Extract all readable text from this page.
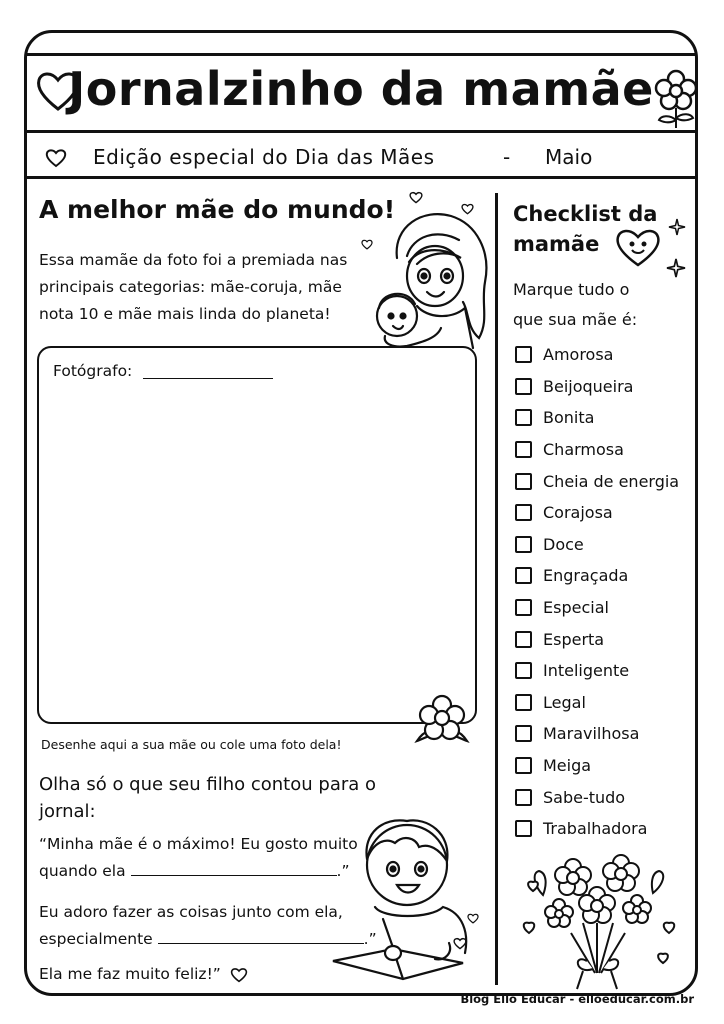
Jornalzinho da mamãe
Edição especial do Dia das Mães	- Maio
A melhor mãe do mundo!
Essa mamãe da foto foi a premiada nas
principais categorias: mãe-coruja, mãe
nota 10 e mãe mais linda do planeta!
Fotógrafo:
Desenhe aqui a sua mãe ou cole uma foto dela!
Olha só o que seu filho contou para o
jornal:
“Minha mãe é o máximo! Eu gosto muito
quando ela	.”
Eu adoro fazer as coisas junto com ela,
especialmente	.”
Ela me faz muito feliz!”
Checklist da
mamãe
Marque tudo o
que sua mãe é:
Amorosa
Beijoqueira
Bonita
Charmosa
Cheia de energia
Corajosa
Doce
Engraçada
Especial
Esperta
Inteligente
Legal
Maravilhosa
Meiga
Sabe-tudo
Trabalhadora
Blog Ello Educar - elloeducar.com.br
